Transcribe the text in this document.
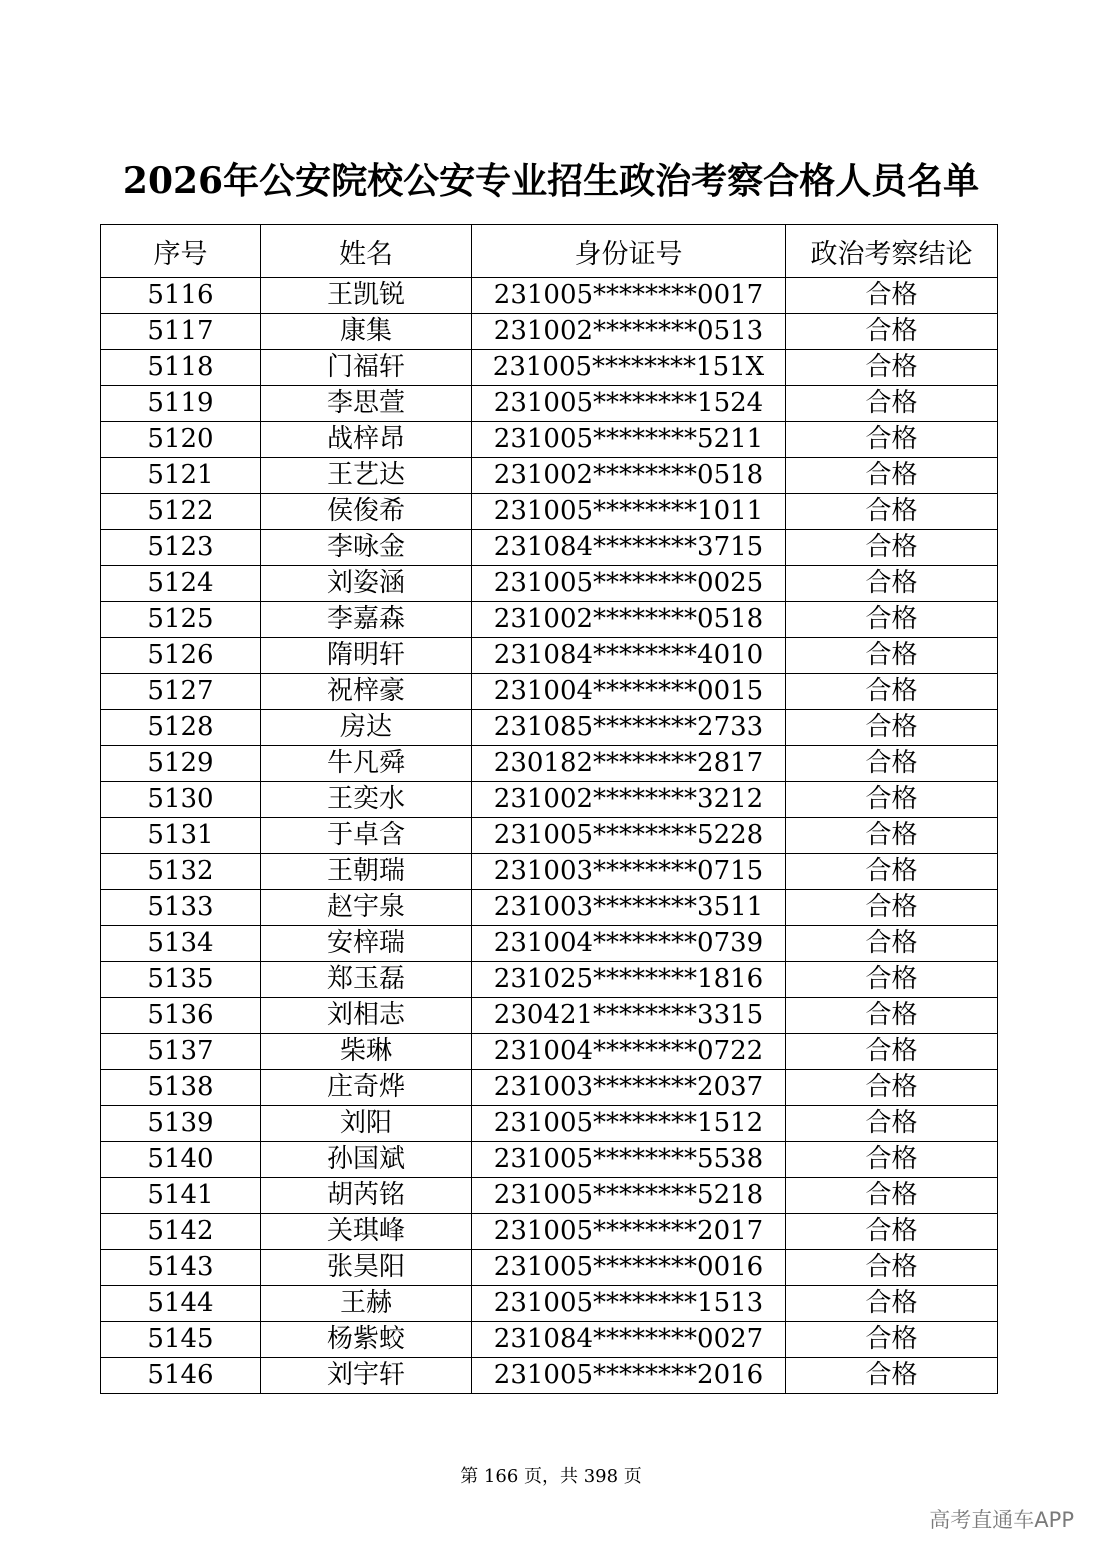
2026年公安院校公安专业招生政治考察合格人员名单
序号	姓名	身份证号	政治考察结论
5116	王凯锐	231005********0017	合格
5117	康集	231002********0513	合格
5118	门福轩	231005********151X	合格
5119	李思萱	231005********1524	合格
5120	战梓昂	231005********5211	合格
5121	王艺达	231002********0518	合格
5122	侯俊希	231005********1011	合格
5123	李咏金	231084********3715	合格
5124	刘姿涵	231005********0025	合格
5125	李嘉森	231002********0518	合格
5126	隋明轩	231084********4010	合格
5127	祝梓豪	231004********0015	合格
5128	房达	231085********2733	合格
5129	牛凡舜	230182********2817	合格
5130	王奕水	231002********3212	合格
5131	于卓含	231005********5228	合格
5132	王朝瑞	231003********0715	合格
5133	赵宇泉	231003********3511	合格
5134	安梓瑞	231004********0739	合格
5135	郑玉磊	231025********1816	合格
5136	刘相志	230421********3315	合格
5137	柴琳	231004********0722	合格
5138	庄奇烨	231003********2037	合格
5139	刘阳	231005********1512	合格
5140	孙国斌	231005********5538	合格
5141	胡芮铭	231005********5218	合格
5142	关琪峰	231005********2017	合格
5143	张昊阳	231005********0016	合格
5144	王赫	231005********1513	合格
5145	杨紫蛟	231084********0027	合格
5146	刘宇轩	231005********2016	合格
第 166 页，共 398 页
高考直通车APP
